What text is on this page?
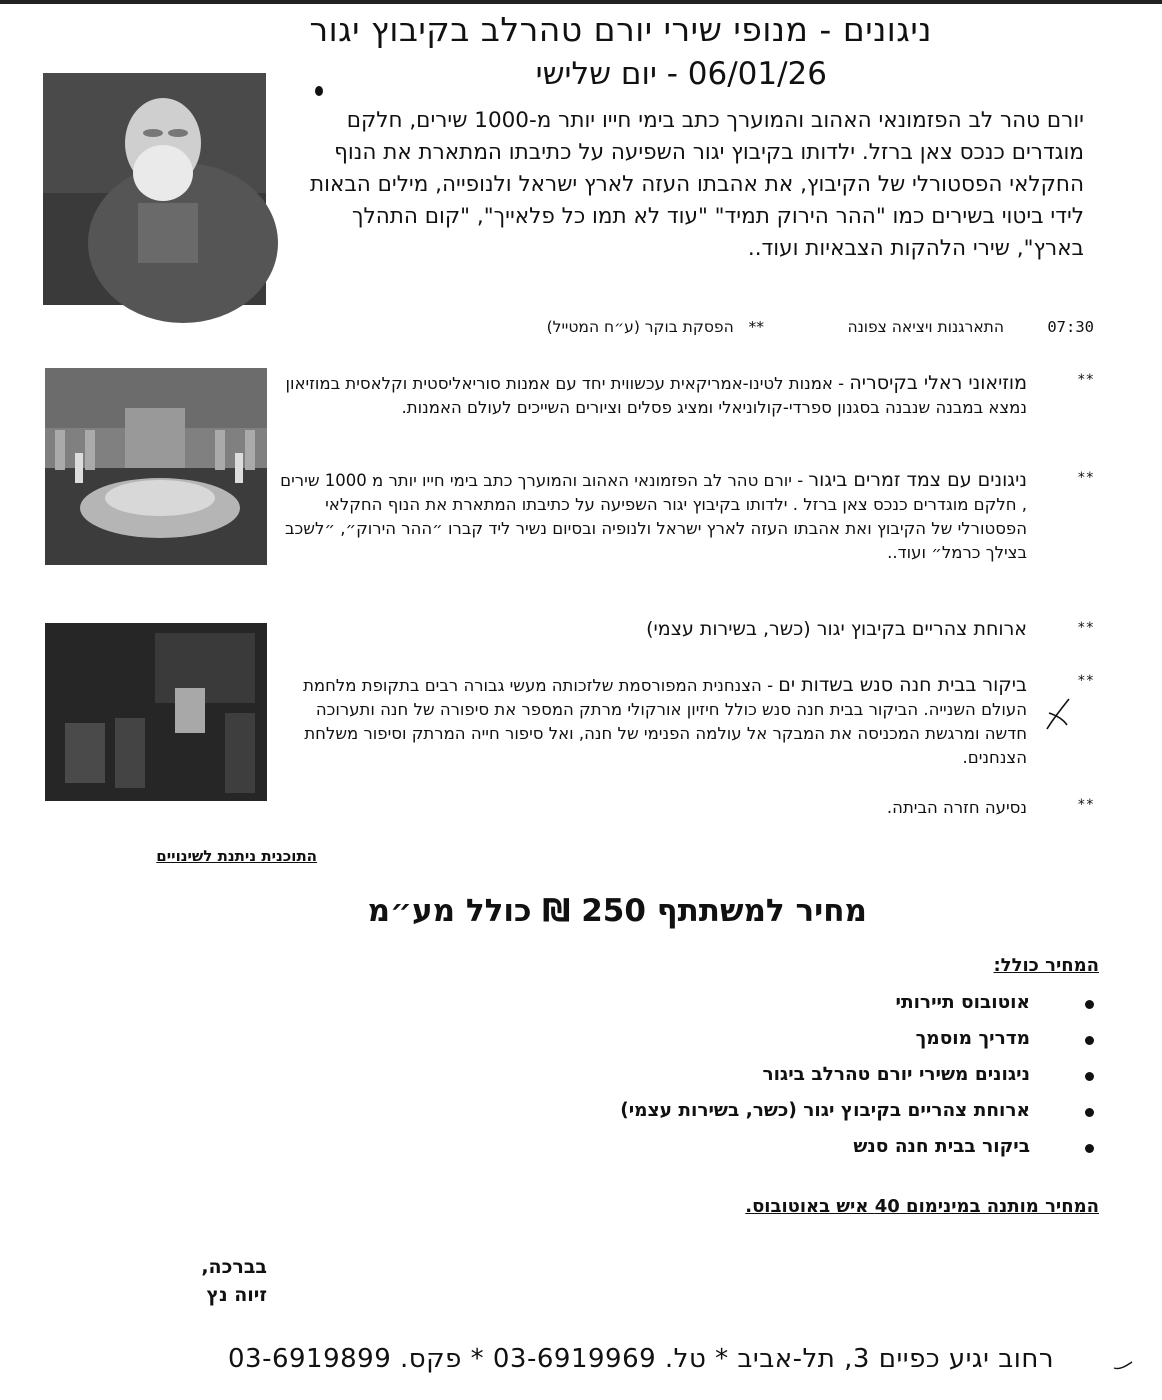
ניגונים - מנופי שירי יורם טהרלב בקיבוץ יגור
06/01/26 - יום שלישי
1938-2022	07:30
התארגנות ויציאה צפונה
**   הפסקת בוקר (ע״ח המטייל)
יורם טהר לב הפזמונאי האהוב והמוערך כתב בימי חייו יותר מ-1000 שירים, חלקם מוגדרים כנכס צאן ברזל. ילדותו בקיבוץ יגור השפיעה על כתיבתו המתארת את הנוף החקלאי הפסטורלי של הקיבוץ, את אהבתו העזה לארץ ישראל ולנופייה, מילים הבאות לידי ביטוי בשירים כמו "ההר הירוק תמיד" "עוד לא תמו כל פלאייך", "קום התהלך בארץ", שירי הלהקות הצבאיות ועוד..
**
מוזיאוני ראלי בקיסריה - אמנות לטינו-אמריקאית עכשווית יחד עם אמנות סוריאליסטית וקלאסית במוזיאון נמצא במבנה שנבנה בסגנון ספרדי-קולוניאלי ומציג פסלים וציורים השייכים לעולם האמנות.
**
ניגונים עם צמד זמרים ביגור - יורם טהר לב הפזמונאי האהוב והמוערך כתב בימי חייו יותר מ 1000 שירים , חלקם מוגדרים כנכס צאן ברזל . ילדותו בקיבוץ יגור השפיעה על כתיבתו המתארת את הנוף החקלאי הפסטורלי של הקיבוץ ואת אהבתו העזה לארץ ישראל ולנופיה ובסיום נשיר ליד קברו ״ההר הירוק״, ״לשכב בצילך כרמל״ ועוד..
**
ארוחת צהריים בקיבוץ יגור (כשר, בשירות עצמי)
**
ביקור בבית חנה סנש בשדות ים - הצנחנית המפורסמת שלזכותה מעשי גבורה רבים בתקופת מלחמת העולם השנייה. הביקור בבית חנה סנש כולל חיזיון אורקולי מרתק המספר את סיפורה של חנה ותערוכה חדשה ומרגשת המכניסה את המבקר אל עולמה הפנימי של חנה, ואל סיפור חייה המרתק וסיפור משלחת הצנחנים.
**
נסיעה חזרה הביתה.
התוכנית ניתנת לשינויים
מחיר למשתתף 250 ₪ כולל מע״מ
המחיר כולל:
אוטובוס תיירותי
מדריך מוסמך
ניגונים משירי יורם טהרלב ביגור
ארוחת צהריים בקיבוץ יגור (כשר, בשירות עצמי)
ביקור בבית חנה סנש
המחיר מותנה במינימום 40 איש באוטובוס.
בברכה,
זיוה נץ
רחוב יגיע כפיים 3, תל-אביב * טל. 03-6919969 * פקס. 03-6919899
